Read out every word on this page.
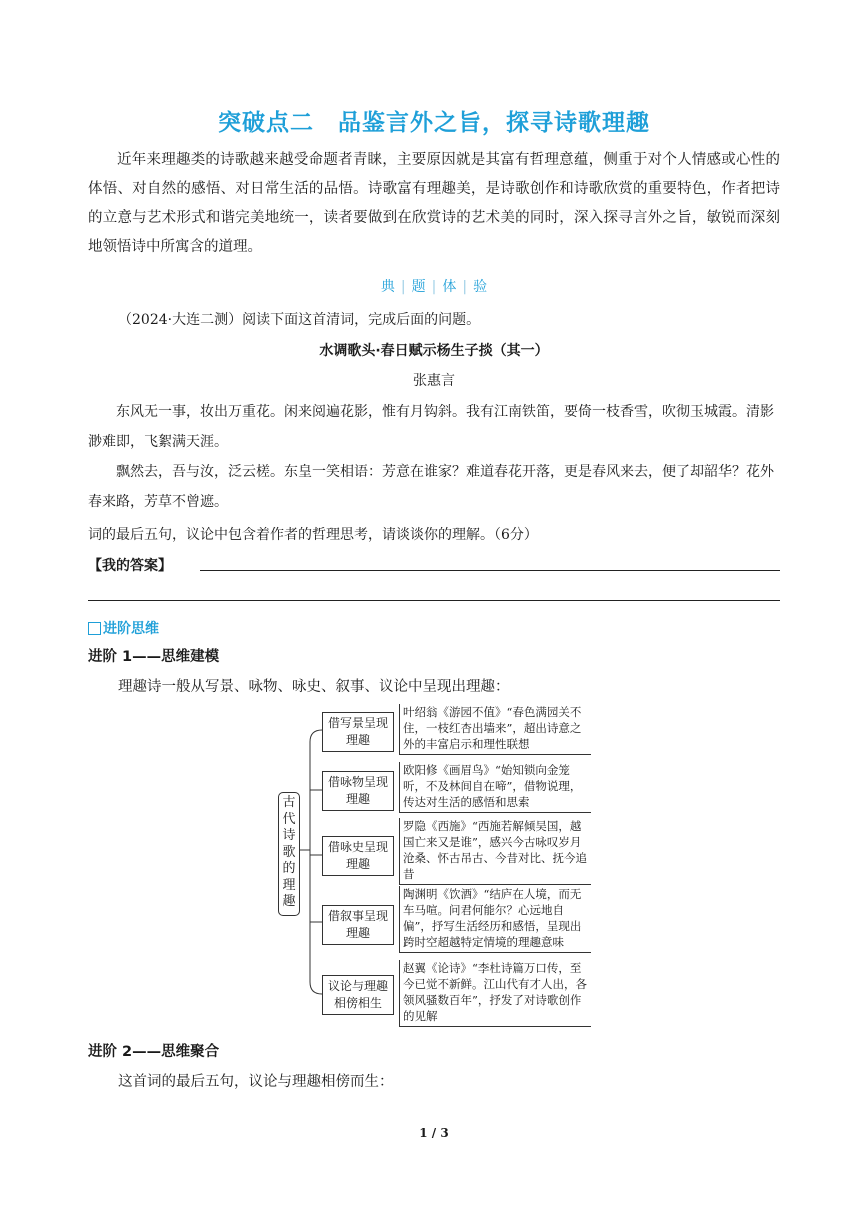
突破点二　品鉴言外之旨，探寻诗歌理趣

近年来理趣类的诗歌越来越受命题者青睐，主要原因就是其富有哲理意蕴，侧重于对个人情感或心性的体悟、对自然的感悟、对日常生活的品悟。诗歌富有理趣美，是诗歌创作和诗歌欣赏的重要特色，作者把诗的立意与艺术形式和谐完美地统一，读者要做到在欣赏诗的艺术美的同时，深入探寻言外之旨，敏锐而深刻地领悟诗中所寓含的道理。

典 | 题 | 体 | 验
（2024·大连二测）阅读下面这首清词，完成后面的问题。
水调歌头·春日赋示杨生子掞（其一）
张惠言

东风无一事，妆出万重花。闲来阅遍花影，惟有月钩斜。我有江南铁笛，要倚一枝香雪，吹彻玉城霞。清影渺难即，飞絮满天涯。

飘然去，吾与汝，泛云槎。东皇一笑相语：芳意在谁家？难道春花开落，更是春风来去，便了却韶华？花外春来路，芳草不曾遮。

词的最后五句，议论中包含着作者的哲理思考，请谈谈你的理解。（6分）
【我的答案】
进阶思维
进阶 1——思维建模
理趣诗一般从写景、咏物、咏史、叙事、议论中呈现出理趣：
古代诗歌的理趣
借写景呈现理趣
叶绍翁《游园不值》“春色满园关不住，一枝红杏出墙来”，超出诗意之外的丰富启示和理性联想
借咏物呈现理趣
欧阳修《画眉鸟》“始知锁向金笼听，不及林间自在啼”，借物说理，传达对生活的感悟和思索
借咏史呈现理趣
罗隐《西施》“西施若解倾吴国，越国亡来又是谁”，感兴今古咏叹岁月沧桑、怀古吊古、今昔对比、抚今追昔
借叙事呈现理趣
陶渊明《饮酒》“结庐在人境，而无车马喧。问君何能尔？心远地自偏”，抒写生活经历和感悟，呈现出跨时空超越特定情境的理趣意味
议论与理趣相傍相生
赵翼《论诗》“李杜诗篇万口传，至今已觉不新鲜。江山代有才人出，各领风骚数百年”，抒发了对诗歌创作的见解
进阶 2——思维聚合
这首词的最后五句，议论与理趣相傍而生：
1 / 3
